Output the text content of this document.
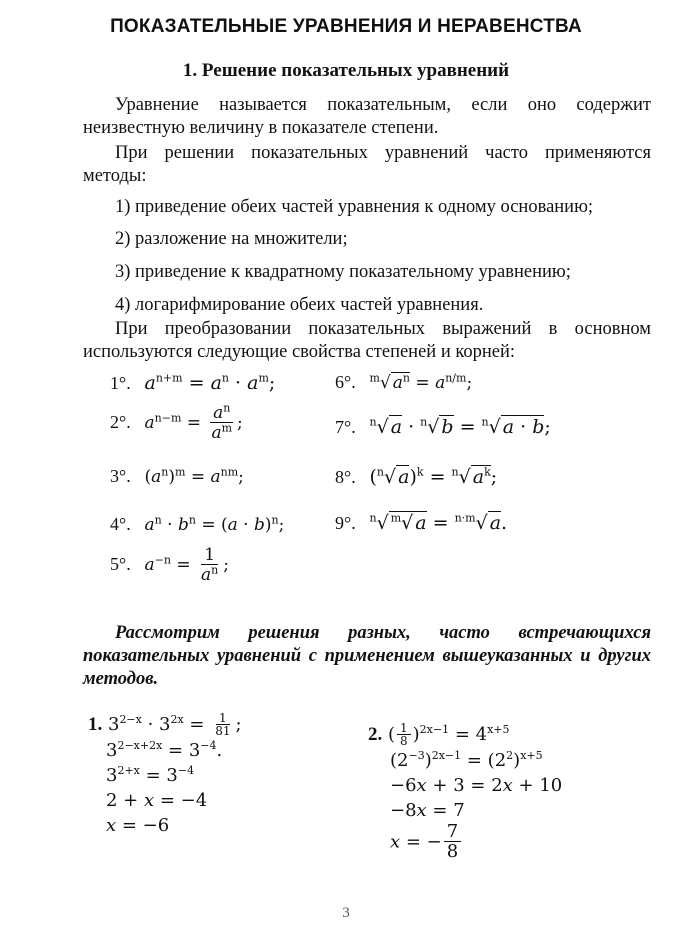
ПОКАЗАТЕЛЬНЫЕ УРАВНЕНИЯ И НЕРАВЕНСТВА
1. Решение показательных уравнений

Уравнение называется показательным, если оно содержит неизвестную величину в показателе степени.

При решении показательных уравнений часто применяются методы:

1) приведение обеих частей уравнения к одному основанию;
2) разложение на множители;
3) приведение к квадратному показательному уравнению;
4) логарифмирование обеих частей уравнения.

При преобразовании показательных выражений в основном используются следующие свойства степеней и корней:

1°. $a^{n+m} = a^n \cdot a^m$;
2°. $a^{n-m} = \frac{a^n}{a^m}$ ;
3°. $(a^n)^m = a^{nm}$;
4°. $a^n \cdot b^n = (a \cdot b)^n$;
5°. $a^{-n} = \frac{1}{a^n}$ ;
6°. $^m$√ $a^n = a^{n/m}$;
7°. $^n$√ a · $^n$√ b = $^n$√ a · b;
8°. ($^n$√ a)$^k$ = $^n$√ $a^k$;
9°. $^n$√ $^m$√ a = $^{n\cdot m}$√ a.

Рассмотрим решения разных, часто встречающихся показательных уравнений с применением вышеуказанных и других методов.

1. $3^{2-x} \cdot 3^{2x} = \frac{1}{81}$ ;
$3^{2-x+2x} = 3^{-4}$.
$3^{2+x} = 3^{-4}$
2 + x = −4
x = −6
2. ( $\frac{1}{8} )^{2x-1} = 4^{x+5}$
$(2^{-3})^{2x-1} = (2^2)^{x+5}$
−6x + 3 = 2x + 10
−8x = 7
x = − $\frac{7}{8}$
3
